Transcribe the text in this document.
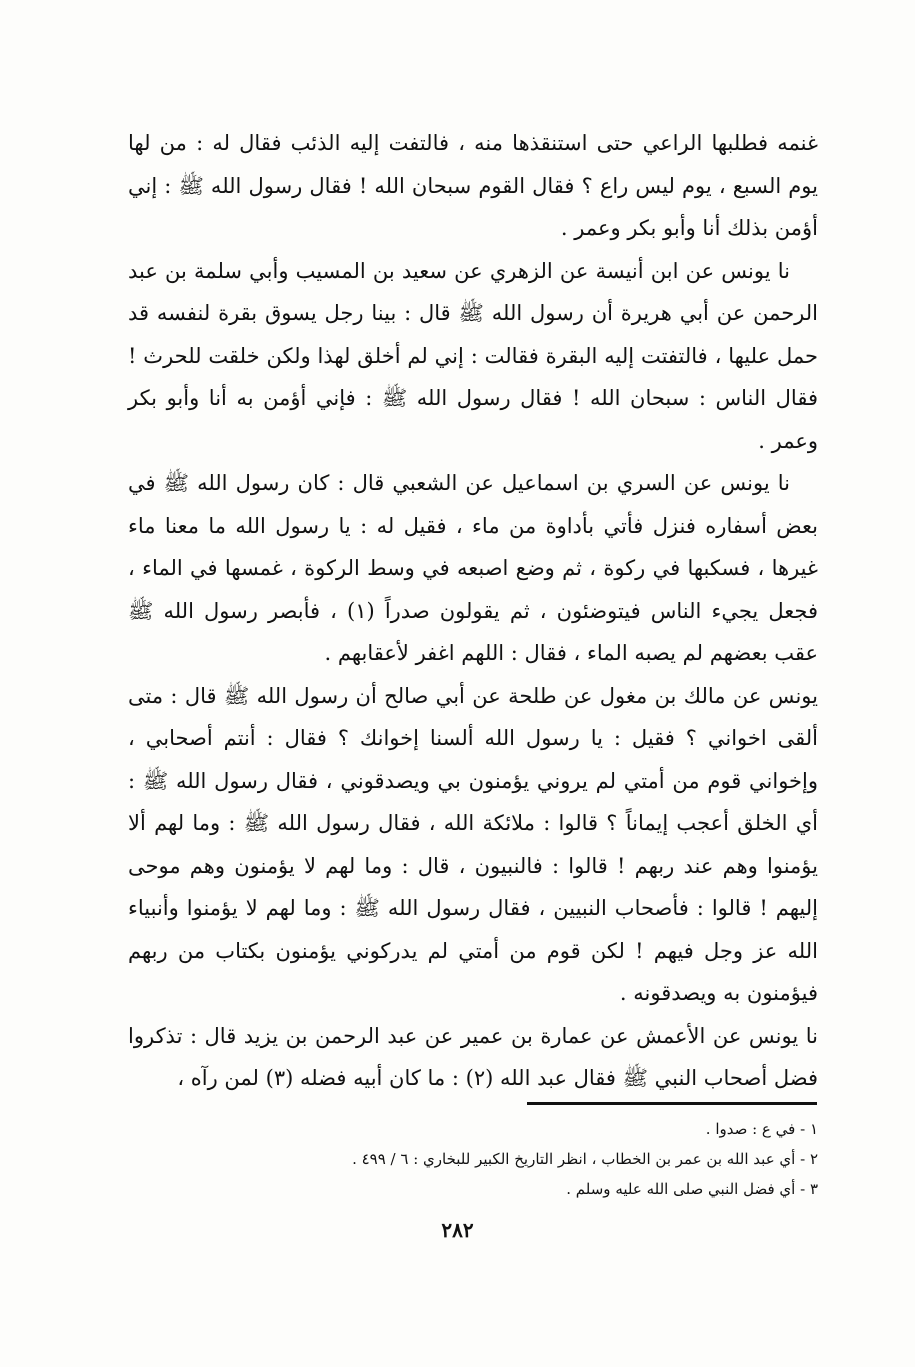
غنمه فطلبها الراعي حتى استنقذها منه ، فالتفت إليه الذئب فقال له : من لها يوم السبع ، يوم ليس راع ؟ فقال القوم سبحان الله ! فقال رسول الله ﷺ : إني أؤمن بذلك أنا وأبو بكر وعمر .

نا يونس عن ابن أنيسة عن الزهري عن سعيد بن المسيب وأبي سلمة بن عبد الرحمن عن أبي هريرة أن رسول الله ﷺ قال : بينا رجل يسوق بقرة لنفسه قد حمل عليها ، فالتفتت إليه البقرة فقالت : إني لم أخلق لهذا ولكن خلقت للحرث ! فقال الناس : سبحان الله ! فقال رسول الله ﷺ : فإني أؤمن به أنا وأبو بكر وعمر .

نا يونس عن السري بن اسماعيل عن الشعبي قال : كان رسول الله ﷺ في بعض أسفاره فنزل فأتي بأداوة من ماء ، فقيل له : يا رسول الله ما معنا ماء غيرها ، فسكبها في ركوة ، ثم وضع اصبعه في وسط الركوة ، غمسها في الماء ، فجعل يجيء الناس فيتوضئون ، ثم يقولون صدراً (١) ، فأبصر رسول الله ﷺ عقب بعضهم لم يصبه الماء ، فقال : اللهم اغفر لأعقابهم .

يونس عن مالك بن مغول عن طلحة عن أبي صالح أن رسول الله ﷺ قال : متى ألقى اخواني ؟ فقيل : يا رسول الله ألسنا إخوانك ؟ فقال : أنتم أصحابي ، وإخواني قوم من أمتي لم يروني يؤمنون بي ويصدقوني ، فقال رسول الله ﷺ : أي الخلق أعجب إيماناً ؟ قالوا : ملائكة الله ، فقال رسول الله ﷺ : وما لهم ألا يؤمنوا وهم عند ربهم ! قالوا : فالنبيون ، قال : وما لهم لا يؤمنون وهم موحى إليهم ! قالوا : فأصحاب النبيين ، فقال رسول الله ﷺ : وما لهم لا يؤمنوا وأنبياء الله عز وجل فيهم ! لكن قوم من أمتي لم يدركوني يؤمنون بكتاب من ربهم فيؤمنون به ويصدقونه .

نا يونس عن الأعمش عن عمارة بن عمير عن عبد الرحمن بن يزيد قال : تذكروا فضل أصحاب النبي ﷺ فقال عبد الله (٢) : ما كان أبيه فضله (٣) لمن رآه ،

١ - في ع : صدوا .

٢ - أي عبد الله بن عمر بن الخطاب ، انظر التاريخ الكبير للبخاري : ٦ / ٤٩٩ .

٣ - أي فضل النبي صلى الله عليه وسلم .

٢٨٢
